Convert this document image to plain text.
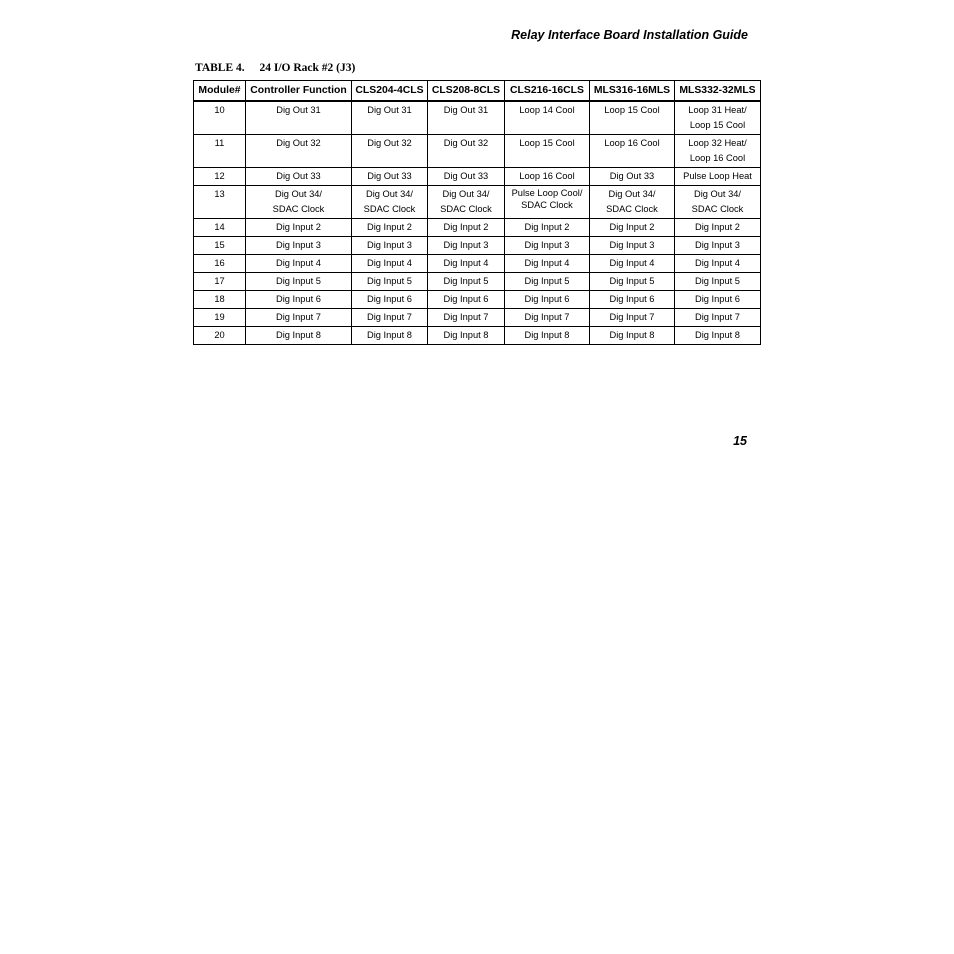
Relay Interface Board Installation Guide
TABLE 4. 24 I/O Rack #2 (J3)
Module#	Controller Function	CLS204-4CLS	CLS208-8CLS	CLS216-16CLS	MLS316-16MLS	MLS332-32MLS
10	Dig Out 31	Dig Out 31	Dig Out 31	Loop 14 Cool	Loop 15 Cool	Loop 31 Heat/
Loop 15 Cool
11	Dig Out 32	Dig Out 32	Dig Out 32	Loop 15 Cool	Loop 16 Cool	Loop 32 Heat/
Loop 16 Cool
12	Dig Out 33	Dig Out 33	Dig Out 33	Loop 16 Cool	Dig Out 33	Pulse Loop Heat
13	Dig Out 34/
SDAC Clock	Dig Out 34/
SDAC Clock	Dig Out 34/
SDAC Clock	Pulse Loop Cool/
SDAC Clock	Dig Out 34/
SDAC Clock	Dig Out 34/
SDAC Clock
14	Dig Input 2	Dig Input 2	Dig Input 2	Dig Input 2	Dig Input 2	Dig Input 2
15	Dig Input 3	Dig Input 3	Dig Input 3	Dig Input 3	Dig Input 3	Dig Input 3
16	Dig Input 4	Dig Input 4	Dig Input 4	Dig Input 4	Dig Input 4	Dig Input 4
17	Dig Input 5	Dig Input 5	Dig Input 5	Dig Input 5	Dig Input 5	Dig Input 5
18	Dig Input 6	Dig Input 6	Dig Input 6	Dig Input 6	Dig Input 6	Dig Input 6
19	Dig Input 7	Dig Input 7	Dig Input 7	Dig Input 7	Dig Input 7	Dig Input 7
20	Dig Input 8	Dig Input 8	Dig Input 8	Dig Input 8	Dig Input 8	Dig Input 8
15
